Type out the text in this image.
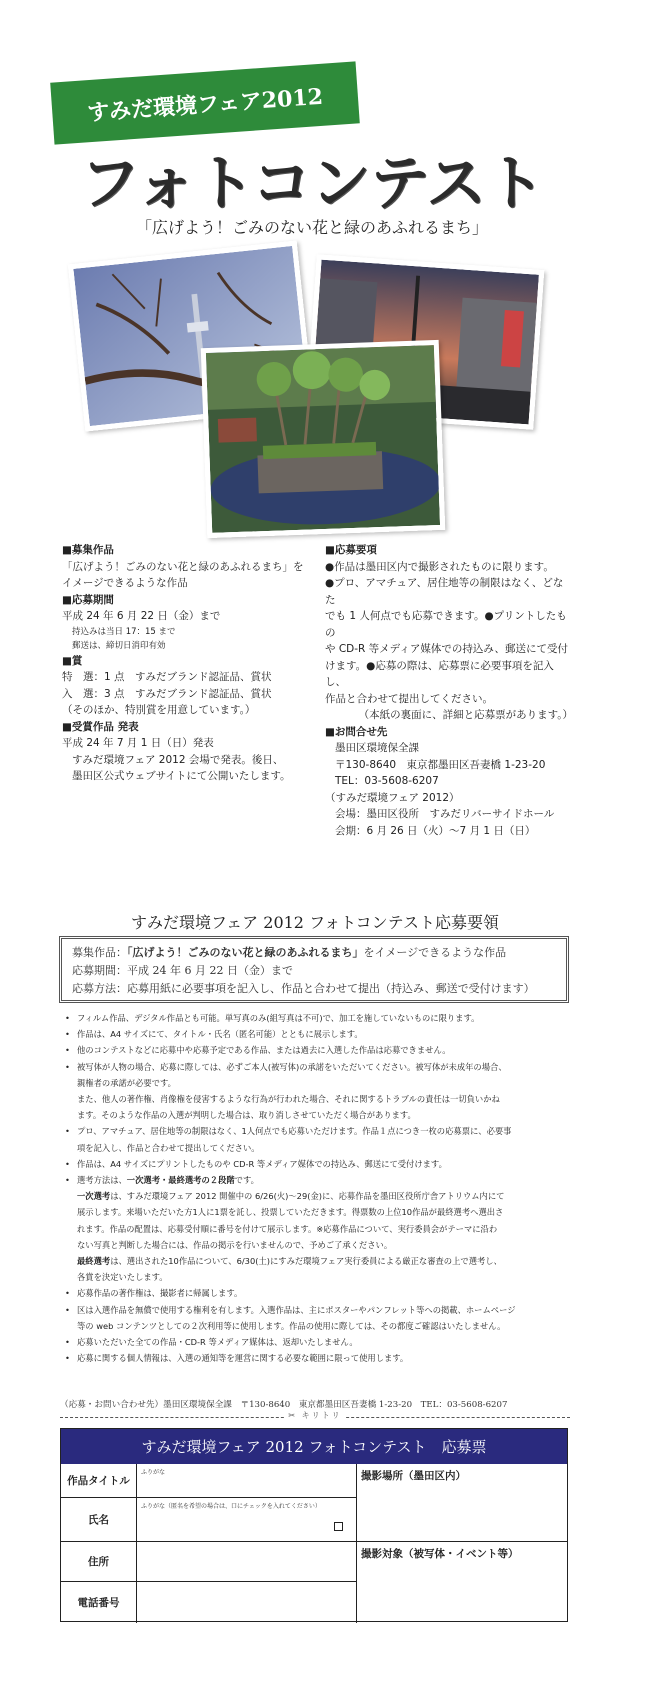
すみだ環境フェア2012
フォトコンテスト
「広げよう！ごみのない花と緑のあふれるまち」
■募集作品
「広げよう！ごみのない花と緑のあふれるまち」を
イメージできるような作品
■応募期間
平成 24 年 6 月 22 日（金）まで
持込みは当日 17：15 まで
郵送は、締切日消印有効
■賞
特　選：1 点　すみだブランド認証品、賞状
入　選：3 点　すみだブランド認証品、賞状
（そのほか、特別賞を用意しています。）
■受賞作品 発表
平成 24 年 7 月 1 日（日）発表
すみだ環境フェア 2012 会場で発表。後日、
墨田区公式ウェブサイトにて公開いたします。
■応募要項
●作品は墨田区内で撮影されたものに限ります。
●プロ、アマチュア、居住地等の制限はなく、どなた
でも 1 人何点でも応募できます。●プリントしたもの
や CD-R 等メディア媒体での持込み、郵送にて受付
けます。●応募の際は、応募票に必要事項を記入し、
作品と合わせて提出してください。
（本紙の裏面に、詳細と応募票があります。）
■お問合せ先
墨田区環境保全課
〒130-8640　東京都墨田区吾妻橋 1-23-20
TEL：03-5608-6207
（すみだ環境フェア 2012）
会場：墨田区役所　すみだリバーサイドホール
会期：6 月 26 日（火）～7 月 1 日（日）
すみだ環境フェア 2012 フォトコンテスト応募要領
募集作品：「広げよう！ごみのない花と緑のあふれるまち」をイメージできるような作品
応募期間：平成 24 年 6 月 22 日（金）まで
応募方法：応募用紙に必要事項を記入し、作品と合わせて提出（持込み、郵送で受付けます）
• フィルム作品、デジタル作品とも可能。単写真のみ(組写真は不可)で、加工を施していないものに限ります。
• 作品は、A4 サイズにて、タイトル・氏名（匿名可能）とともに展示します。
• 他のコンテストなどに応募中や応募予定である作品、または過去に入選した作品は応募できません。
• 被写体が人物の場合、応募に際しては、必ずご本人(被写体)の承諾をいただいてください。被写体が未成年の場合、
親権者の承諾が必要です。
また、他人の著作権、肖像権を侵害するような行為が行われた場合、それに関するトラブルの責任は一切負いかね
ます。そのような作品の入選が判明した場合は、取り消しさせていただく場合があります。
• プロ、アマチュア、居住地等の制限はなく、1人何点でも応募いただけます。作品１点につき一枚の応募票に、必要事
項を記入し、作品と合わせて提出してください。
• 作品は、A4 サイズにプリントしたものや CD-R 等メディア媒体での持込み、郵送にて受付けます。
• 選考方法は、一次選考・最終選考の２段階です。
一次選考は、すみだ環境フェア 2012 開催中の 6/26(火)～29(金)に、応募作品を墨田区役所庁舎アトリウム内にて
展示します。来場いただいた方1人に1票を託し、投票していただきます。得票数の上位10作品が最終選考へ選出さ
れます。作品の配置は、応募受付順に番号を付けて展示します。※応募作品について、実行委員会がテーマに沿わ
ない写真と判断した場合には、作品の掲示を行いませんので、予めご了承ください。
最終選考は、選出された10作品について、6/30(土)にすみだ環境フェア実行委員による厳正な審査の上で選考し、
各賞を決定いたします。
• 応募作品の著作権は、撮影者に帰属します。
• 区は入選作品を無償で使用する権利を有します。入選作品は、主にポスターやパンフレット等への掲載、ホームページ
等の web コンテンツとしての２次利用等に使用します。作品の使用に際しては、その都度ご確認はいたしません。
• 応募いただいた全ての作品・CD-R 等メディア媒体は、返却いたしません。
• 応募に関する個人情報は、入選の通知等を運営に関する必要な範囲に限って使用します。
（応募・お問い合わせ先）墨田区環境保全課　〒130-8640　東京都墨田区吾妻橋 1-23-20　TEL：03-5608-6207
✂ キリトリ
すみだ環境フェア 2012 フォトコンテスト　応募票
作品タイトル
氏名
住所
電話番号
ふりがな
ふりがな（匿名を希望の場合は、口にチェックを入れてください）
撮影場所（墨田区内）
撮影対象（被写体・イベント等）
